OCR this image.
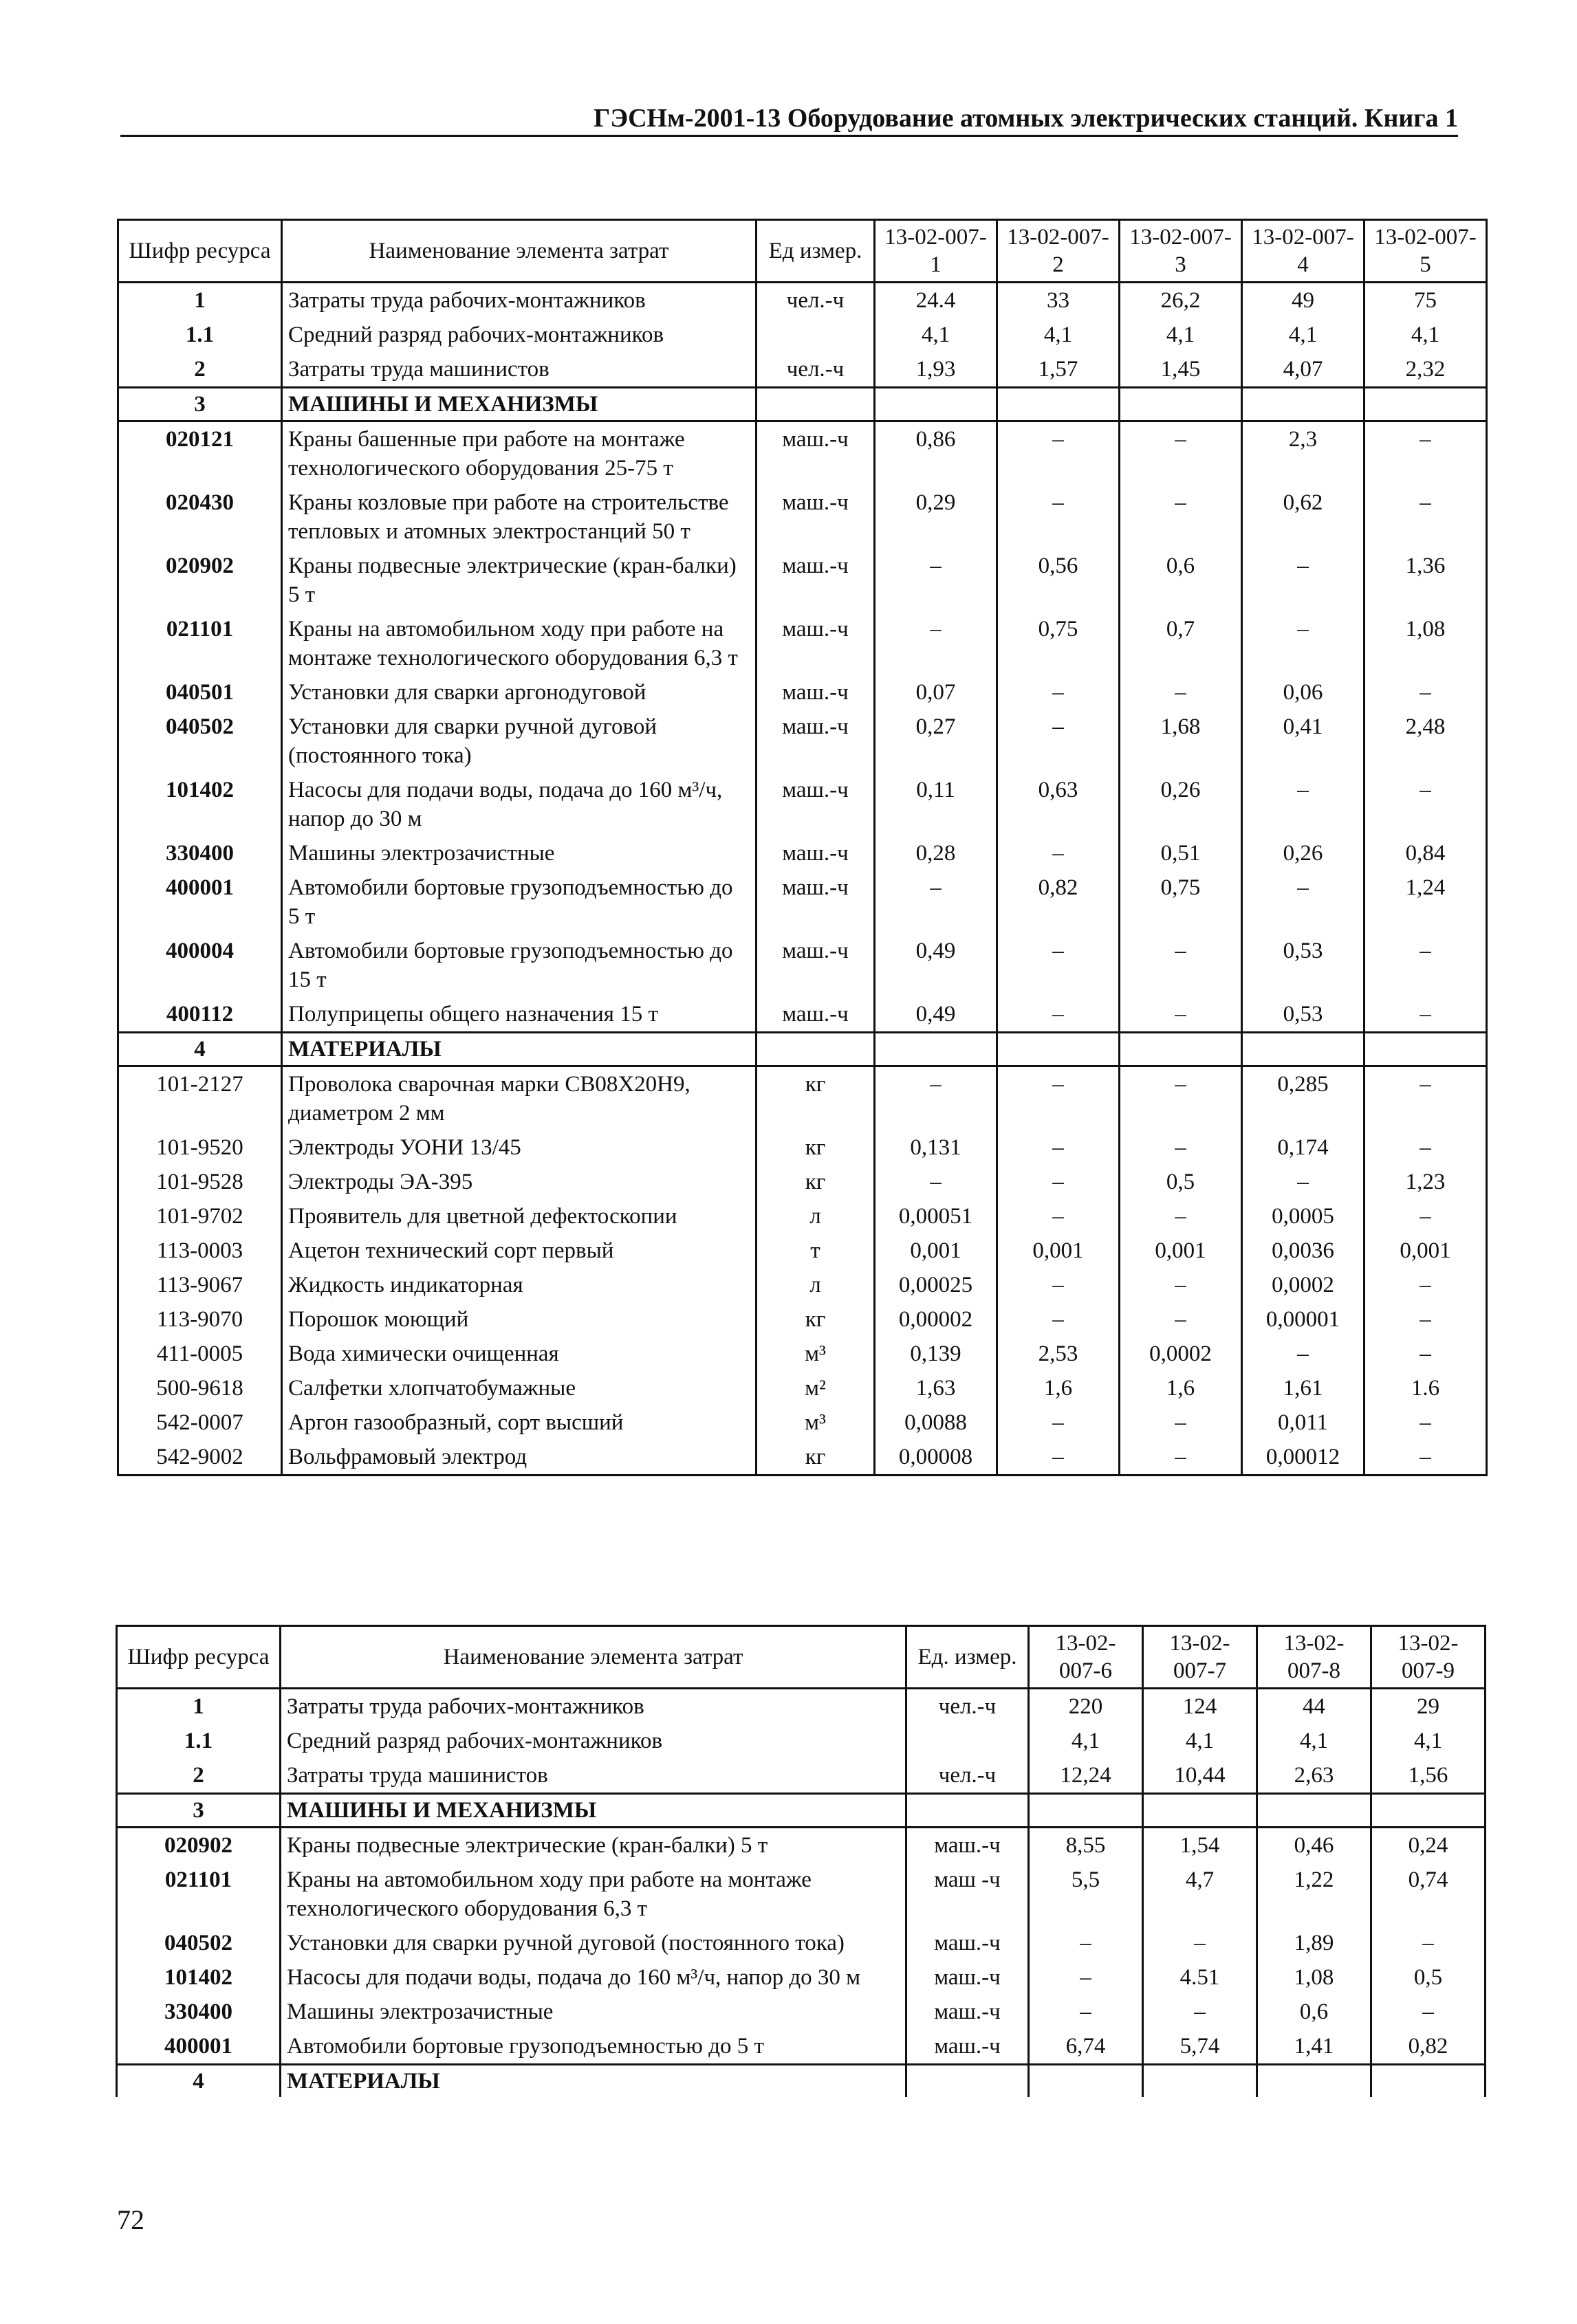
ГЭСНм-2001-13 Оборудование атомных электрических станций. Книга 1
Шифр ресурса	Наименование элемента затрат	Ед измер.	13-02-007-1	13-02-007-2	13-02-007-3	13-02-007-4	13-02-007-5
1	Затраты труда рабочих-монтажников	чел.-ч	24.4	33	26,2	49	75
1.1	Средний разряд рабочих-монтажников		4,1	4,1	4,1	4,1	4,1
2	Затраты труда машинистов	чел.-ч	1,93	1,57	1,45	4,07	2,32
3	МАШИНЫ И МЕХАНИЗМЫ						
020121	Краны башенные при работе на монтаже технологического оборудования 25-75 т	маш.-ч	0,86	–	–	2,3	–
020430	Краны козловые при работе на строительстве тепловых и атомных электростанций 50 т	маш.-ч	0,29	–	–	0,62	–
020902	Краны подвесные электрические (кран-балки) 5 т	маш.-ч	–	0,56	0,6	–	1,36
021101	Краны на автомобильном ходу при работе на монтаже технологического оборудования 6,3 т	маш.-ч	–	0,75	0,7	–	1,08
040501	Установки для сварки аргонодуговой	маш.-ч	0,07	–	–	0,06	–
040502	Установки для сварки ручной дуговой (постоянного тока)	маш.-ч	0,27	–	1,68	0,41	2,48
101402	Насосы для подачи воды, подача до 160 м³/ч, напор до 30 м	маш.-ч	0,11	0,63	0,26	–	–
330400	Машины электрозачистные	маш.-ч	0,28	–	0,51	0,26	0,84
400001	Автомобили бортовые грузоподъемностью до 5 т	маш.-ч	–	0,82	0,75	–	1,24
400004	Автомобили бортовые грузоподъемностью до 15 т	маш.-ч	0,49	–	–	0,53	–
400112	Полуприцепы общего назначения 15 т	маш.-ч	0,49	–	–	0,53	–
4	МАТЕРИАЛЫ						
101-2127	Проволока сварочная марки СВ08Х20Н9, диаметром 2 мм	кг	–	–	–	0,285	–
101-9520	Электроды УОНИ 13/45	кг	0,131	–	–	0,174	–
101-9528	Электроды ЭА-395	кг	–	–	0,5	–	1,23
101-9702	Проявитель для цветной дефектоскопии	л	0,00051	–	–	0,0005	–
113-0003	Ацетон технический сорт первый	т	0,001	0,001	0,001	0,0036	0,001
113-9067	Жидкость индикаторная	л	0,00025	–	–	0,0002	–
113-9070	Порошок моющий	кг	0,00002	–	–	0,00001	–
411-0005	Вода химически очищенная	м³	0,139	2,53	0,0002	–	–
500-9618	Салфетки хлопчатобумажные	м²	1,63	1,6	1,6	1,61	1.6
542-0007	Аргон газообразный, сорт высший	м³	0,0088	–	–	0,011	–
542-9002	Вольфрамовый электрод	кг	0,00008	–	–	0,00012	–
Шифр ресурса	Наименование элемента затрат	Ед. измер.	13-02-007-6	13-02-007-7	13-02-007-8	13-02-007-9
1	Затраты труда рабочих-монтажников	чел.-ч	220	124	44	29
1.1	Средний разряд рабочих-монтажников		4,1	4,1	4,1	4,1
2	Затраты труда машинистов	чел.-ч	12,24	10,44	2,63	1,56
3	МАШИНЫ И МЕХАНИЗМЫ					
020902	Краны подвесные электрические (кран-балки) 5 т	маш.-ч	8,55	1,54	0,46	0,24
021101	Краны на автомобильном ходу при работе на монтаже технологического оборудования 6,3 т	маш -ч	5,5	4,7	1,22	0,74
040502	Установки для сварки ручной дуговой (постоянного тока)	маш.-ч	–	–	1,89	–
101402	Насосы для подачи воды, подача до 160 м³/ч, напор до 30 м	маш.-ч	–	4.51	1,08	0,5
330400	Машины электрозачистные	маш.-ч	–	–	0,6	–
400001	Автомобили бортовые грузоподъемностью до 5 т	маш.-ч	6,74	5,74	1,41	0,82
4	МАТЕРИАЛЫ					
72
